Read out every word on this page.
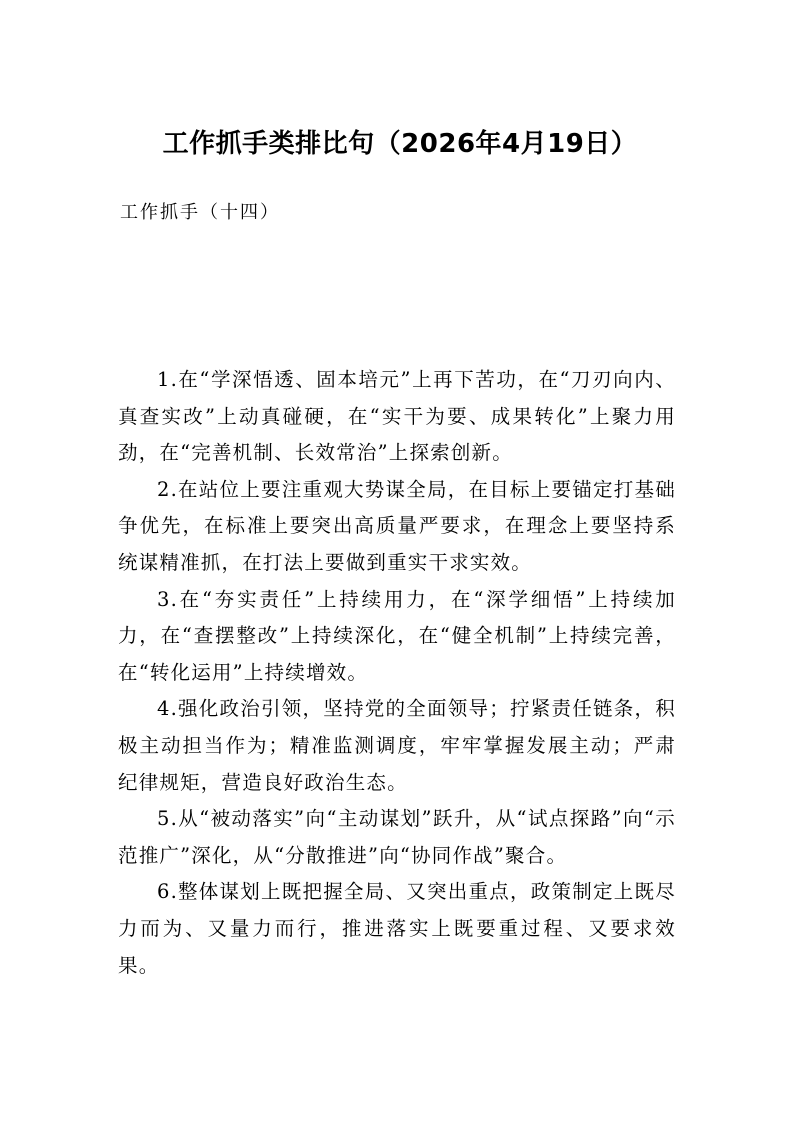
工作抓手类排比句（2026年4月19日）
工作抓手（十四）

1.在“学深悟透、固本培元”上再下苦功，在“刀刃向内、真查实改”上动真碰硬，在“实干为要、成果转化”上聚力用劲，在“完善机制、长效常治”上探索创新。

2.在站位上要注重观大势谋全局，在目标上要锚定打基础争优先，在标准上要突出高质量严要求，在理念上要坚持系统谋精准抓，在打法上要做到重实干求实效。

3.在“夯实责任”上持续用力，在“深学细悟”上持续加力，在“查摆整改”上持续深化，在“健全机制”上持续完善，在“转化运用”上持续增效。

4.强化政治引领，坚持党的全面领导；拧紧责任链条，积极主动担当作为；精准监测调度，牢牢掌握发展主动；严肃纪律规矩，营造良好政治生态。

5.从“被动落实”向“主动谋划”跃升，从“试点探路”向“示范推广”深化，从“分散推进”向“协同作战”聚合。

6.整体谋划上既把握全局、又突出重点，政策制定上既尽力而为、又量力而行，推进落实上既要重过程、又要求效果。
